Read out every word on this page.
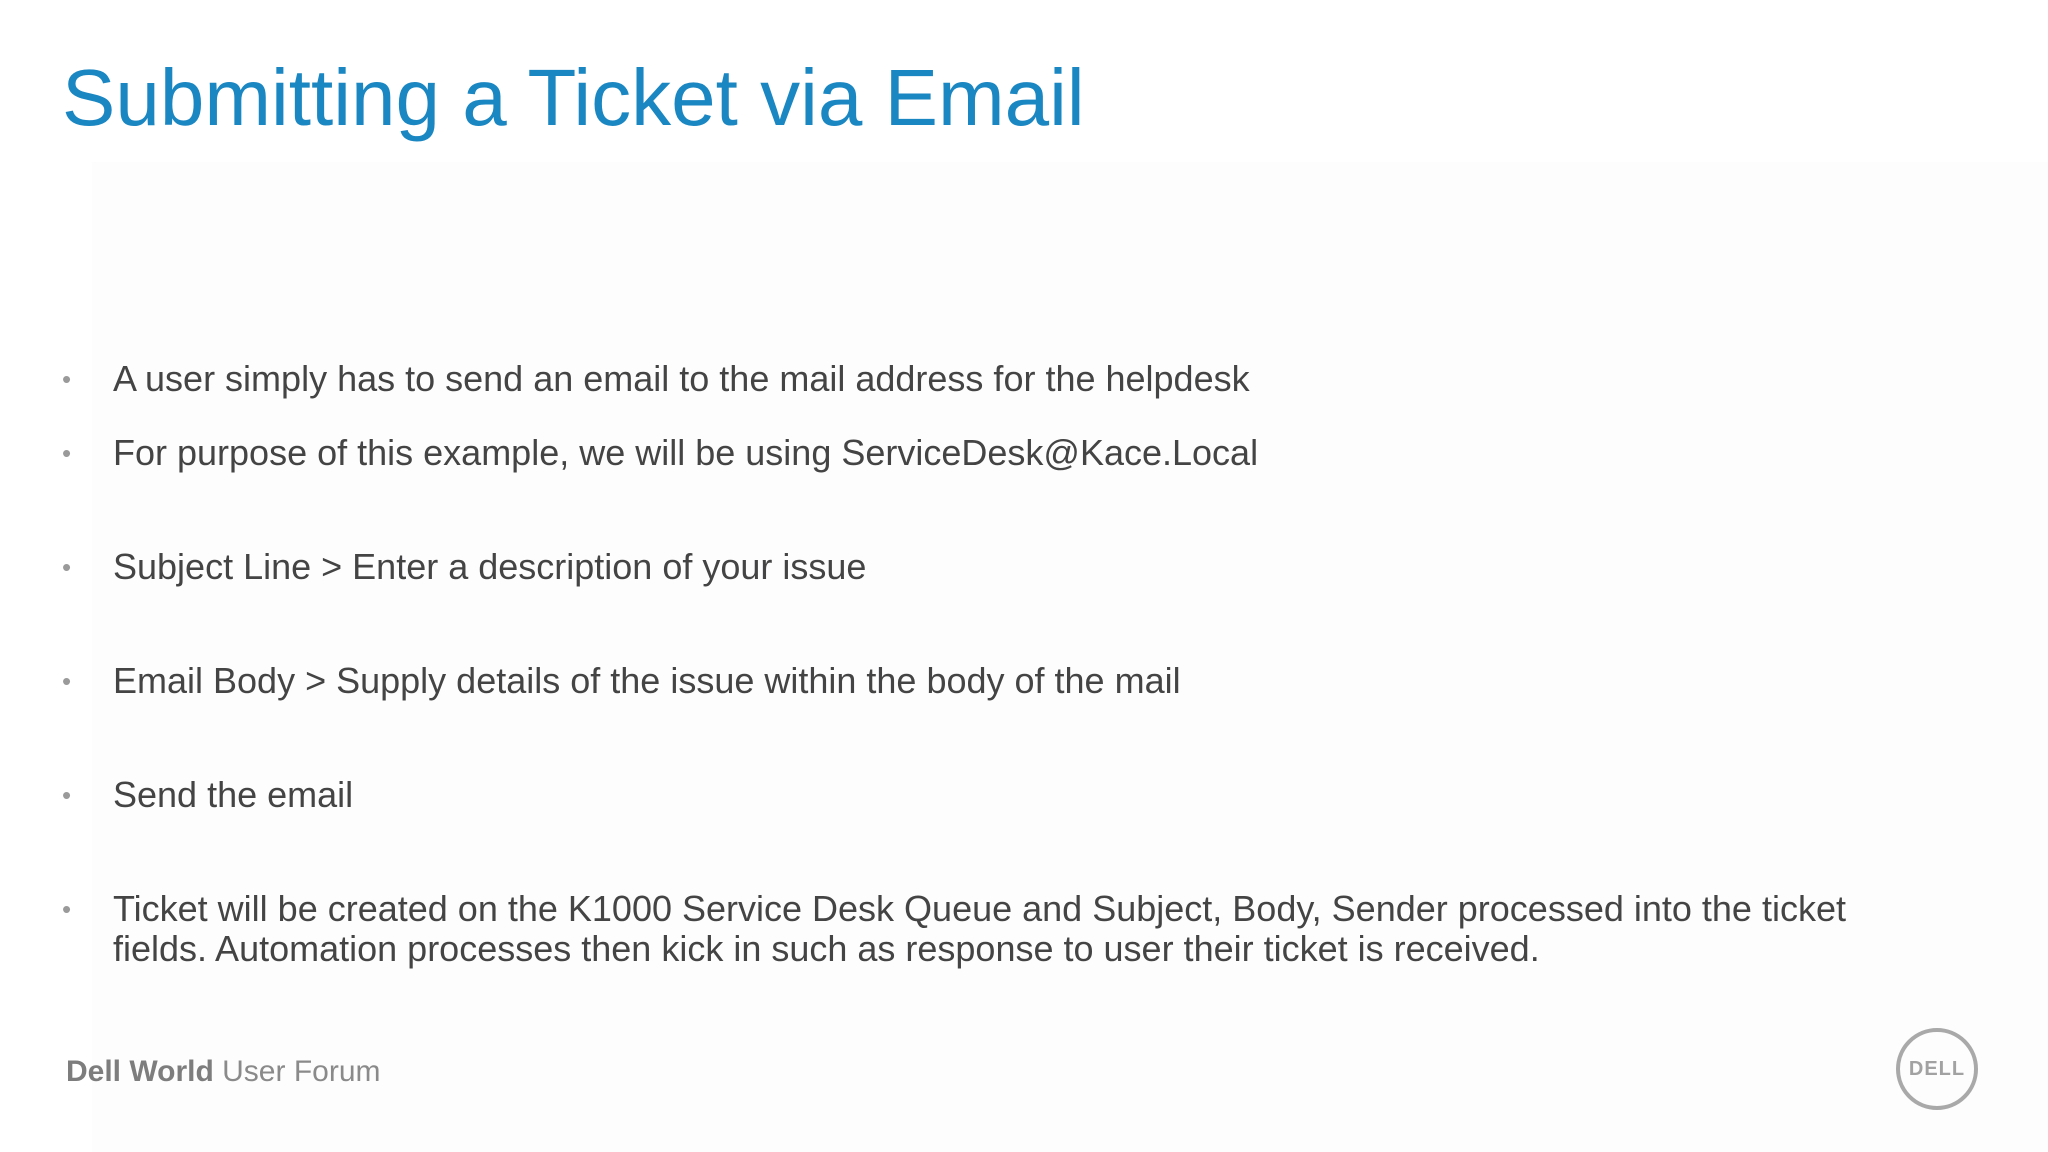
Submitting a Ticket via Email
•	A user simply has to send an email to the mail address for the helpdesk
•	For purpose of this example, we will be using ServiceDesk@Kace.Local
•	Subject Line > Enter a description of your issue
•	Email Body > Supply details of the issue within the body of the mail
•	Send the email
•	Ticket will be created on the K1000 Service Desk Queue and Subject, Body, Sender processed into the ticket fields. Automation processes then kick in such as response to user their ticket is received.
Dell World User Forum	DELL
